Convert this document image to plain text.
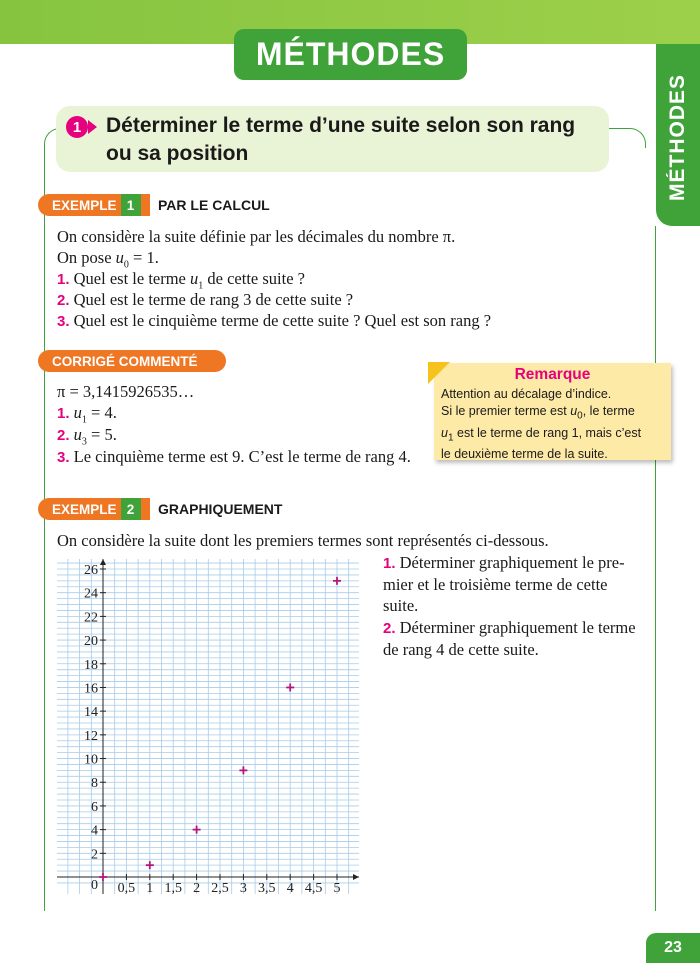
MÉTHODES
MÉTHODES
1	Déterminer le terme d’une suite selon son rang ou sa position
EXEMPLE 1	PAR LE CALCUL
On considère la suite définie par les décimales du nombre π.
On pose $u_0 = 1$.
1. Quel est le terme $u_1$ de cette suite ?
2. Quel est le terme de rang 3 de cette suite ?
3. Quel est le cinquième terme de cette suite ? Quel est son rang ?
CORRIGÉ COMMENTÉ
π = 3,1415926535…
1. $u_1 = 4$.
2. $u_3 = 5$.
3. Le cinquième terme est 9. C’est le terme de rang 4.
Remarque
Attention au décalage d’indice.
Si le premier terme est $u_0$, le terme
$u_1$ est le terme de rang 1, mais c’est
le deuxième terme de la suite.
EXEMPLE 2	GRAPHIQUEMENT
On considère la suite dont les premiers termes sont représentés ci-dessous.
1. Déterminer graphiquement le pre-
mier et le troisième terme de cette
suite.
2. Déterminer graphiquement le terme
de rang 4 de cette suite.
0,5 1 1,5 2 2,5 3 3,5 4 4,5 5
2
4
6
8
10
12
14
16
18
20
22
24
26
0
23
